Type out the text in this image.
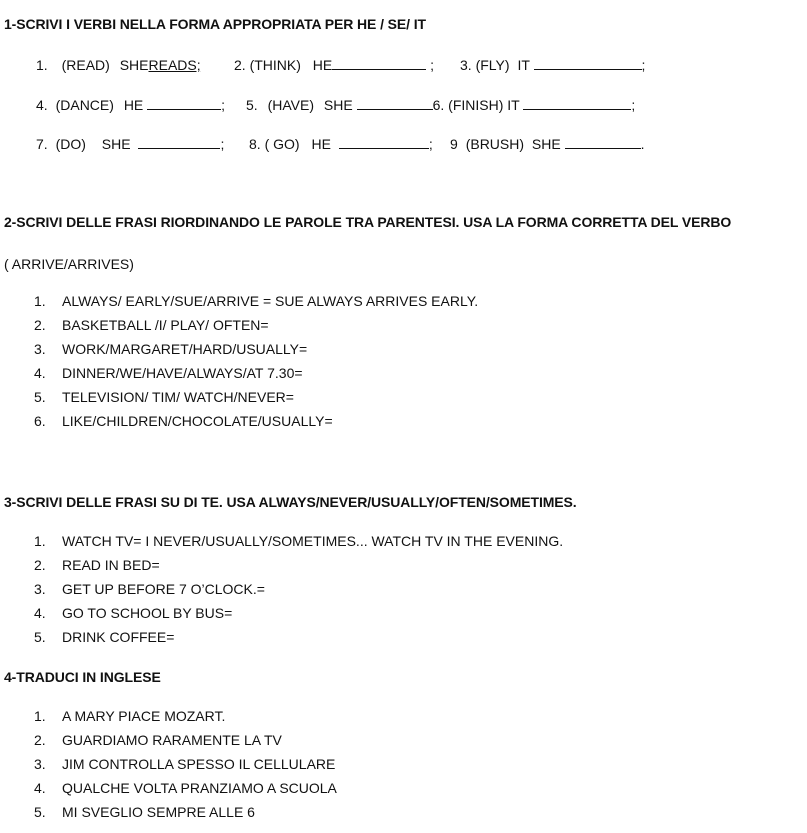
1-SCRIVI I VERBI NELLA FORMA APPROPRIATA PER HE / SE/ IT
1. (READ) SHEREADS; 2. (THINK) HE	; 3. (FLY) IT	;
4. (DANCE) HE	; 5. (HAVE) SHE	6. (FINISH) IT	;
7. (DO) SHE	; 8. ( GO) HE	; 9 (BRUSH) SHE	.
2-SCRIVI DELLE FRASI RIORDINANDO LE PAROLE TRA PARENTESI. USA LA FORMA CORRETTA DEL VERBO
( ARRIVE/ARRIVES)
1.	ALWAYS/ EARLY/SUE/ARRIVE = SUE ALWAYS ARRIVES EARLY.
2.	BASKETBALL /I/ PLAY/ OFTEN=
3.	WORK/MARGARET/HARD/USUALLY=
4.	DINNER/WE/HAVE/ALWAYS/AT 7.30=
5.	TELEVISION/ TIM/ WATCH/NEVER=
6.	LIKE/CHILDREN/CHOCOLATE/USUALLY=
3-SCRIVI DELLE FRASI SU DI TE. USA ALWAYS/NEVER/USUALLY/OFTEN/SOMETIMES.
1.	WATCH TV= I NEVER/USUALLY/SOMETIMES... WATCH TV IN THE EVENING.
2.	READ IN BED=
3.	GET UP BEFORE 7 O’CLOCK.=
4.	GO TO SCHOOL BY BUS=
5.	DRINK COFFEE=
4-TRADUCI IN INGLESE
1.	A MARY PIACE MOZART.
2.	GUARDIAMO RARAMENTE LA TV
3.	JIM CONTROLLA SPESSO IL CELLULARE
4.	QUALCHE VOLTA PRANZIAMO A SCUOLA
5.	MI SVEGLIO SEMPRE ALLE 6
